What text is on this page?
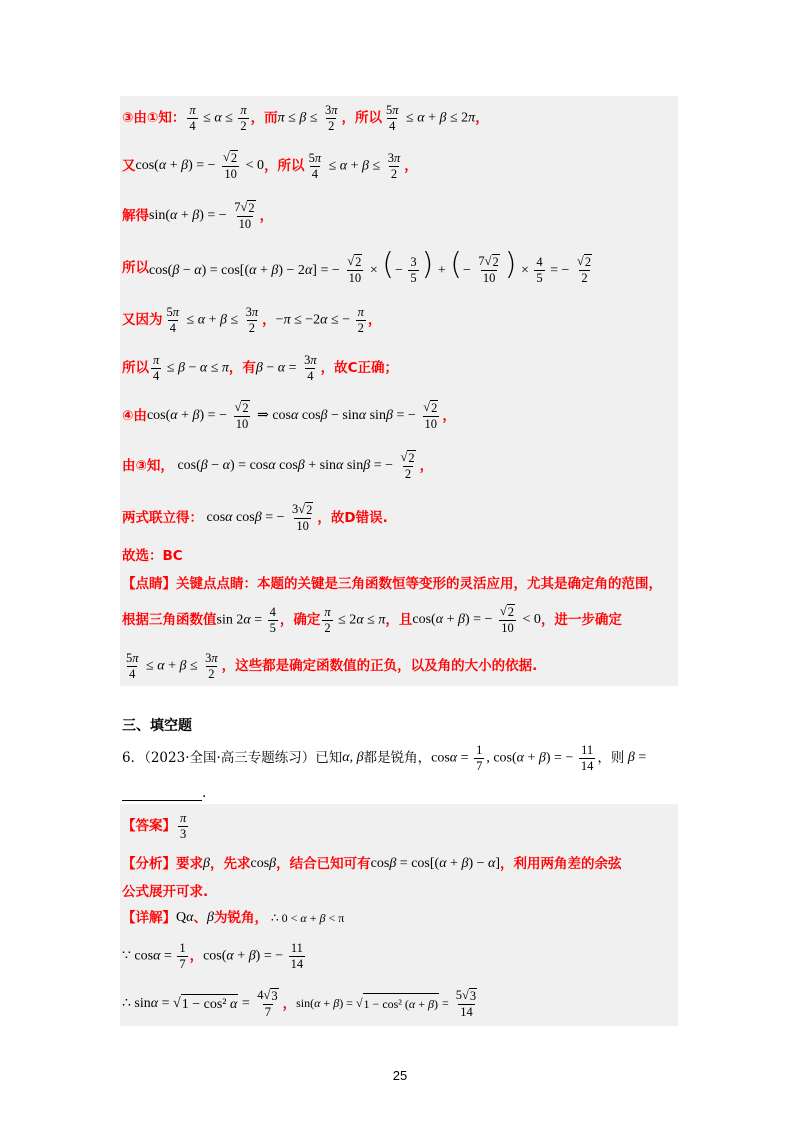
③由①知： $\frac{\pi}{4} \le \alpha \le \frac{\pi}{2}$ ，而 $\pi \le \beta \le \frac{3\pi}{2}$ ，所以 $\frac{5\pi}{4} \le \alpha + \beta \le 2\pi$ ，
又 cos(α + β) = − $\frac{√ 2}{10} < 0$ ，所以 $\frac{5\pi}{4} \le \alpha + \beta \le \frac{3\pi}{2}$ ，
解得 sin(α + β) = − $\frac{7√ 2}{10}$ ，
所以 cos(β − α) = cos[(α + β) − 2α] = − $\frac{√ 2}{10}$ × (− $\frac{3}{5}$ ) + (− $\frac{7√ 2}{10}$ ) × $\frac{4}{5}$ = − $\frac{√ 2}{2}$
又因为 $\frac{5\pi}{4} \le \alpha + \beta \le \frac{3\pi}{2}$ ， −π ≤ −2α ≤ − $\frac{\pi}{2}$ ，
所以 $\frac{\pi}{4} \le \beta - \alpha \le \pi$ ，有 $\beta - \alpha = \frac{3\pi}{4}$ ，故C正确；
④由 cos(α + β) = − $\frac{√ 2}{10}$ ⇒ cosα cosβ − sinα sinβ = − $\frac{√ 2}{10}$ ，
由③知， cos(β − α) = cosα cosβ + sinα sinβ = − $\frac{√ 2}{2}$ ，
两式联立得： cosα cosβ = − $\frac{3√ 2}{10}$ ，故D错误.
故选：BC
【点睛】关键点点睛：本题的关键是三角函数恒等变形的灵活应用，尤其是确定角的范围，
根据三角函数值 $\sin 2\alpha = \frac{4}{5}$ ，确定 $\frac{\pi}{2} \le 2\alpha \le \pi$ ，且 cos(α + β) = − $\frac{√ 2}{10} < 0$ ，进一步确定
$\frac{5\pi}{4} \le \alpha + \beta \le \frac{3\pi}{2}$ ，这些都是确定函数值的正负，以及角的大小的依据.
三、填空题
6．（2023·全国·高三专题练习）已知 α, β 都是锐角， $\cos\alpha = \frac{1}{7}$ , cos(α + β) = − $\frac{11}{14}$ ，则 β =
.
【答案】 $\frac{\pi}{3}$
【分析】要求 β ，先求 cosβ ，结合已知可有 cosβ = cos[(α + β) − α] ，利用两角差的余弦
公式展开可求.
【详解】 Qα 、 β 为锐角， ∴ 0 < α + β < π
∵ $\cos\alpha = \frac{1}{7}$ ， cos(α + β) = − $\frac{11}{14}$
∴ sinα = √ 1 − cos² $\alpha = \frac{4√ 3}{7}$ ， sin(α + β) = √ 1 − cos² $(\alpha + \beta) = \frac{5√ 3}{14}$
25
